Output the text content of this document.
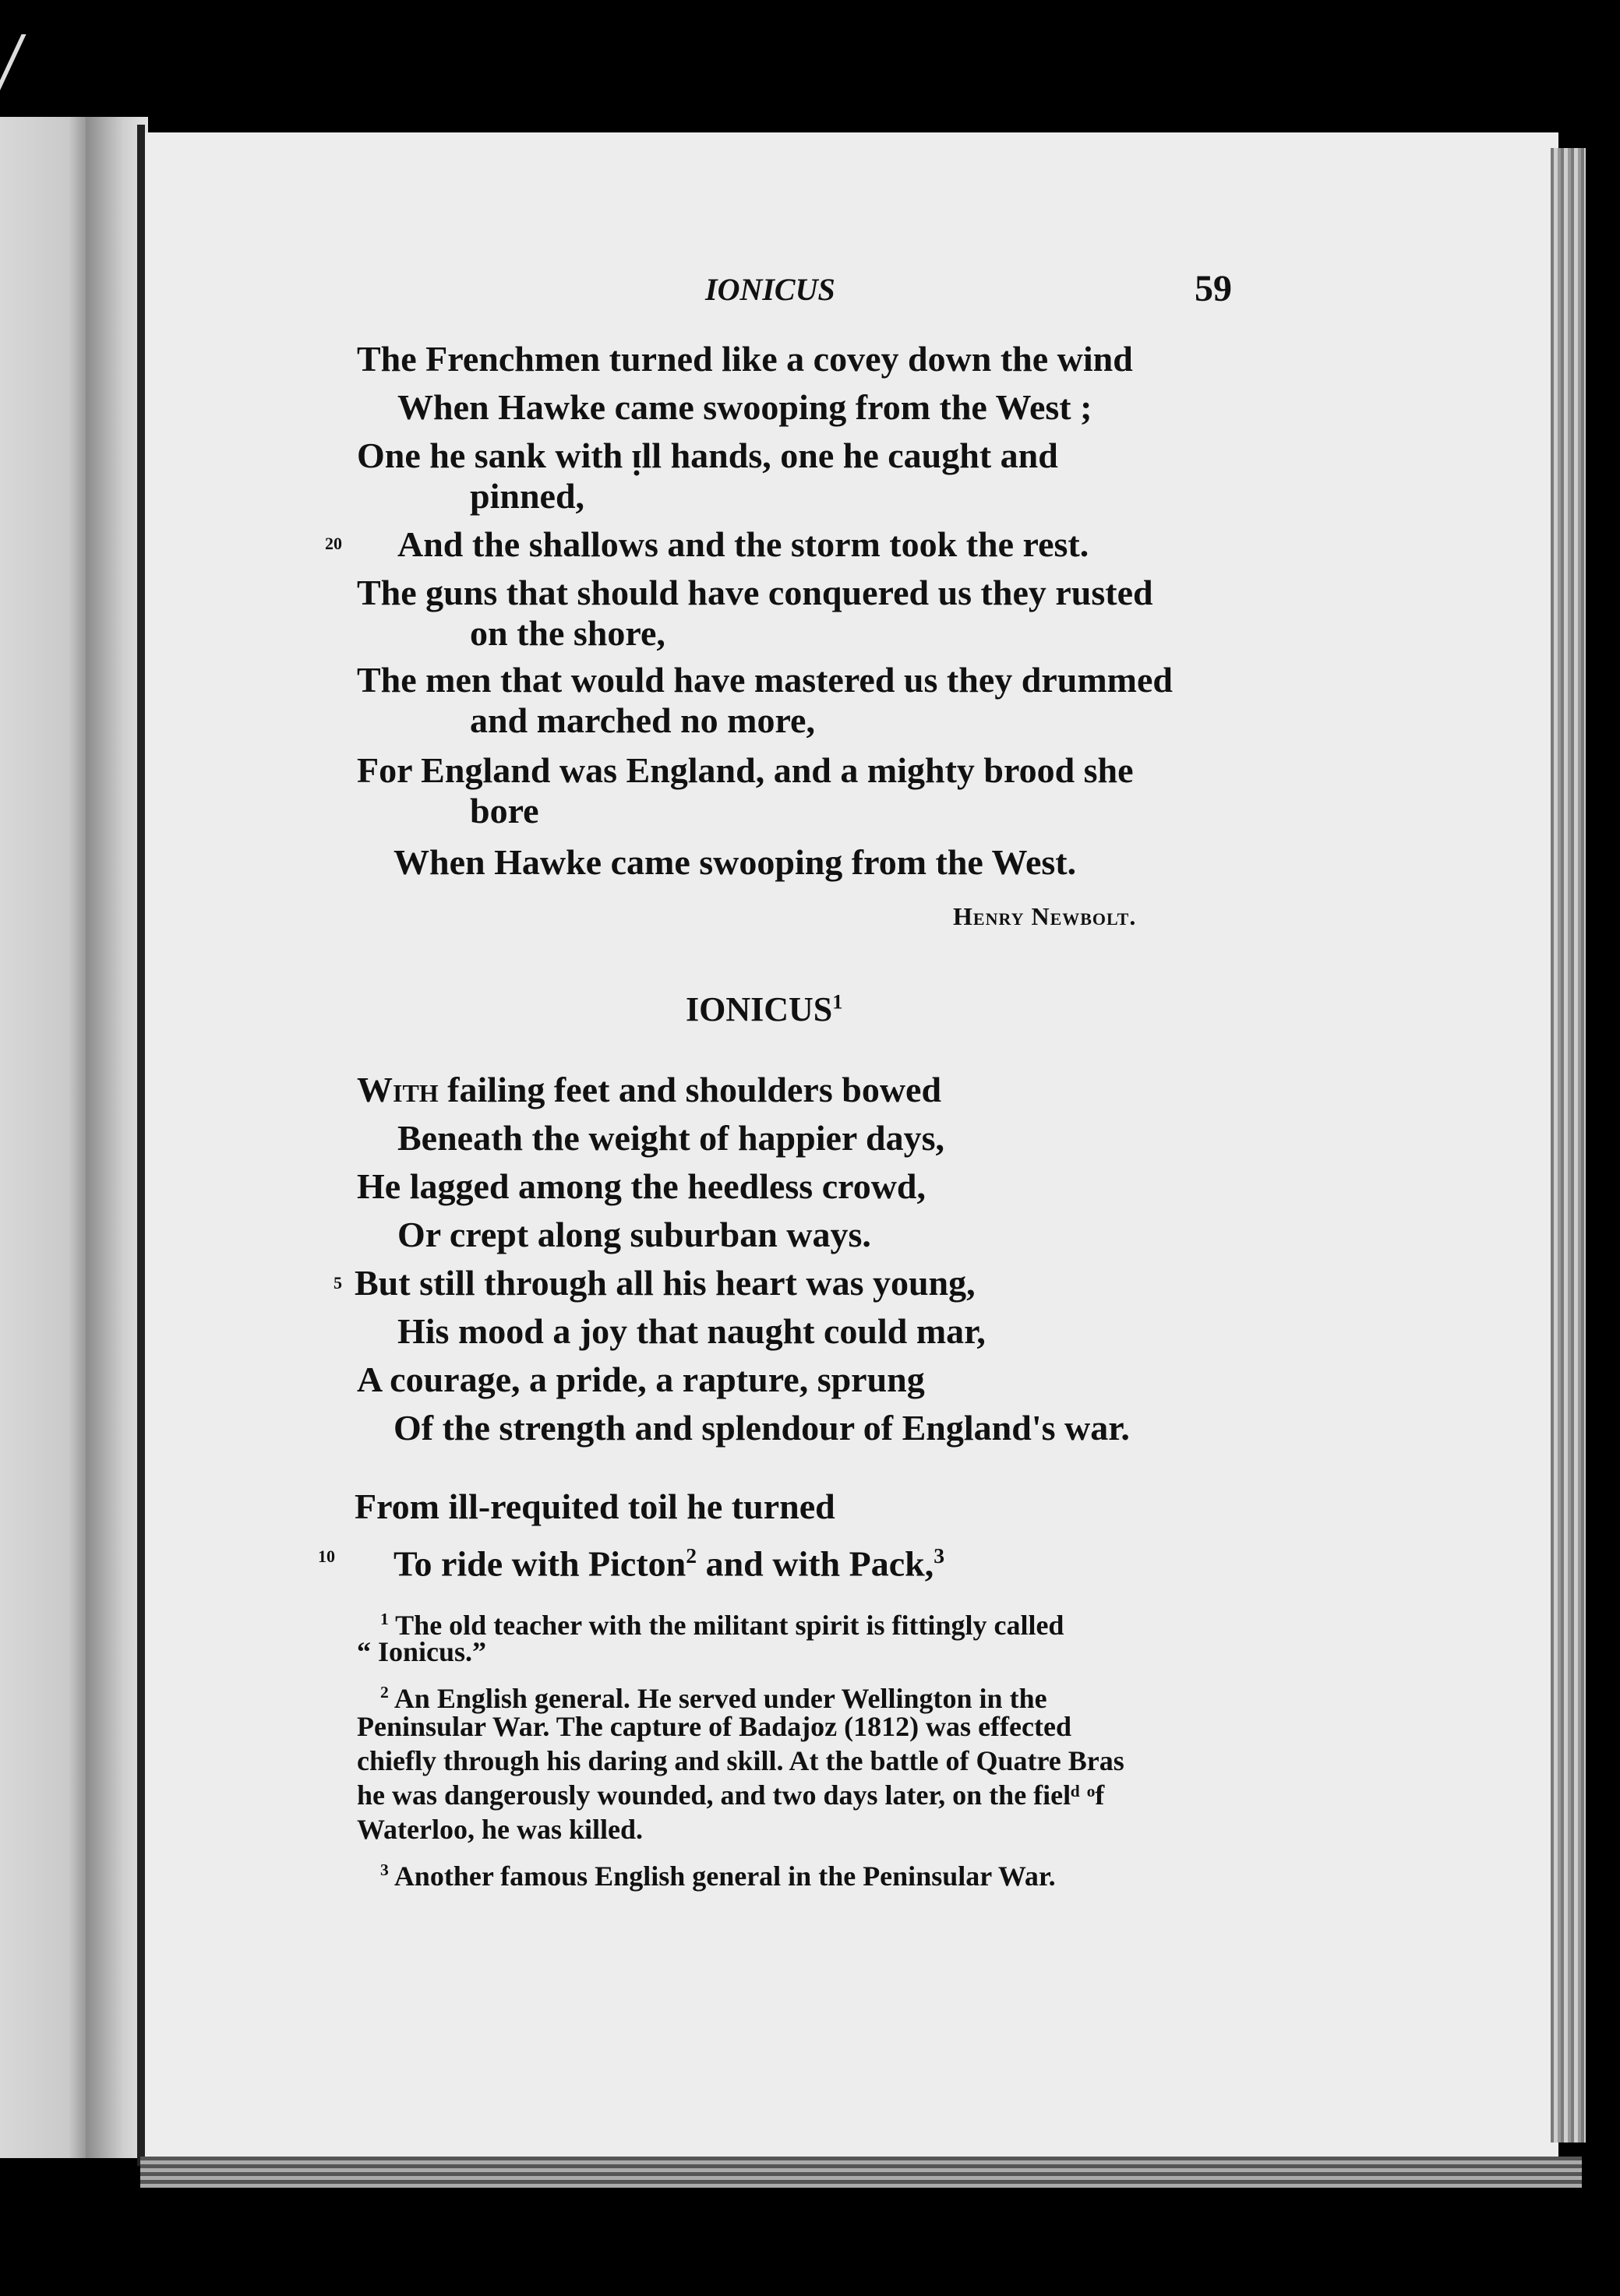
IONICUS	59
The Frenchmen turned like a covey down the wind
When Hawke came swooping from the West ;
One he sank with ᴉll hands, one he caught and
pinned,
20 And the shallows and the storm took the rest.
The guns that should have conquered us they rusted
on the shore,
The men that would have mastered us they drummed
and marched no more,
For England was England, and a mighty brood she
bore
When Hawke came swooping from the West.
Henry Newbolt.
IONICUS$^1$
With failing feet and shoulders bowed
Beneath the weight of happier days,
He lagged among the heedless crowd,
Or crept along suburban ways.
5 But still through all his heart was young,
His mood a joy that naught could mar,
A courage, a pride, a rapture, sprung
Of the strength and splendour of England's war.
From ill-requited toil he turned
10 To ride with Picton$^2$ and with Pack,$^3$
$^1$ The old teacher with the militant spirit is fittingly called
“ Ionicus.”
$^2$ An English general. He served under Wellington in the
Peninsular War. The capture of Badajoz (1812) was effected
chiefly through his daring and skill. At the battle of Quatre Bras
he was dangerously wounded, and two days later, on the fielᵈ ᵒf
Waterloo, he was killed.
$^3$ Another famous English general in the Peninsular War.
